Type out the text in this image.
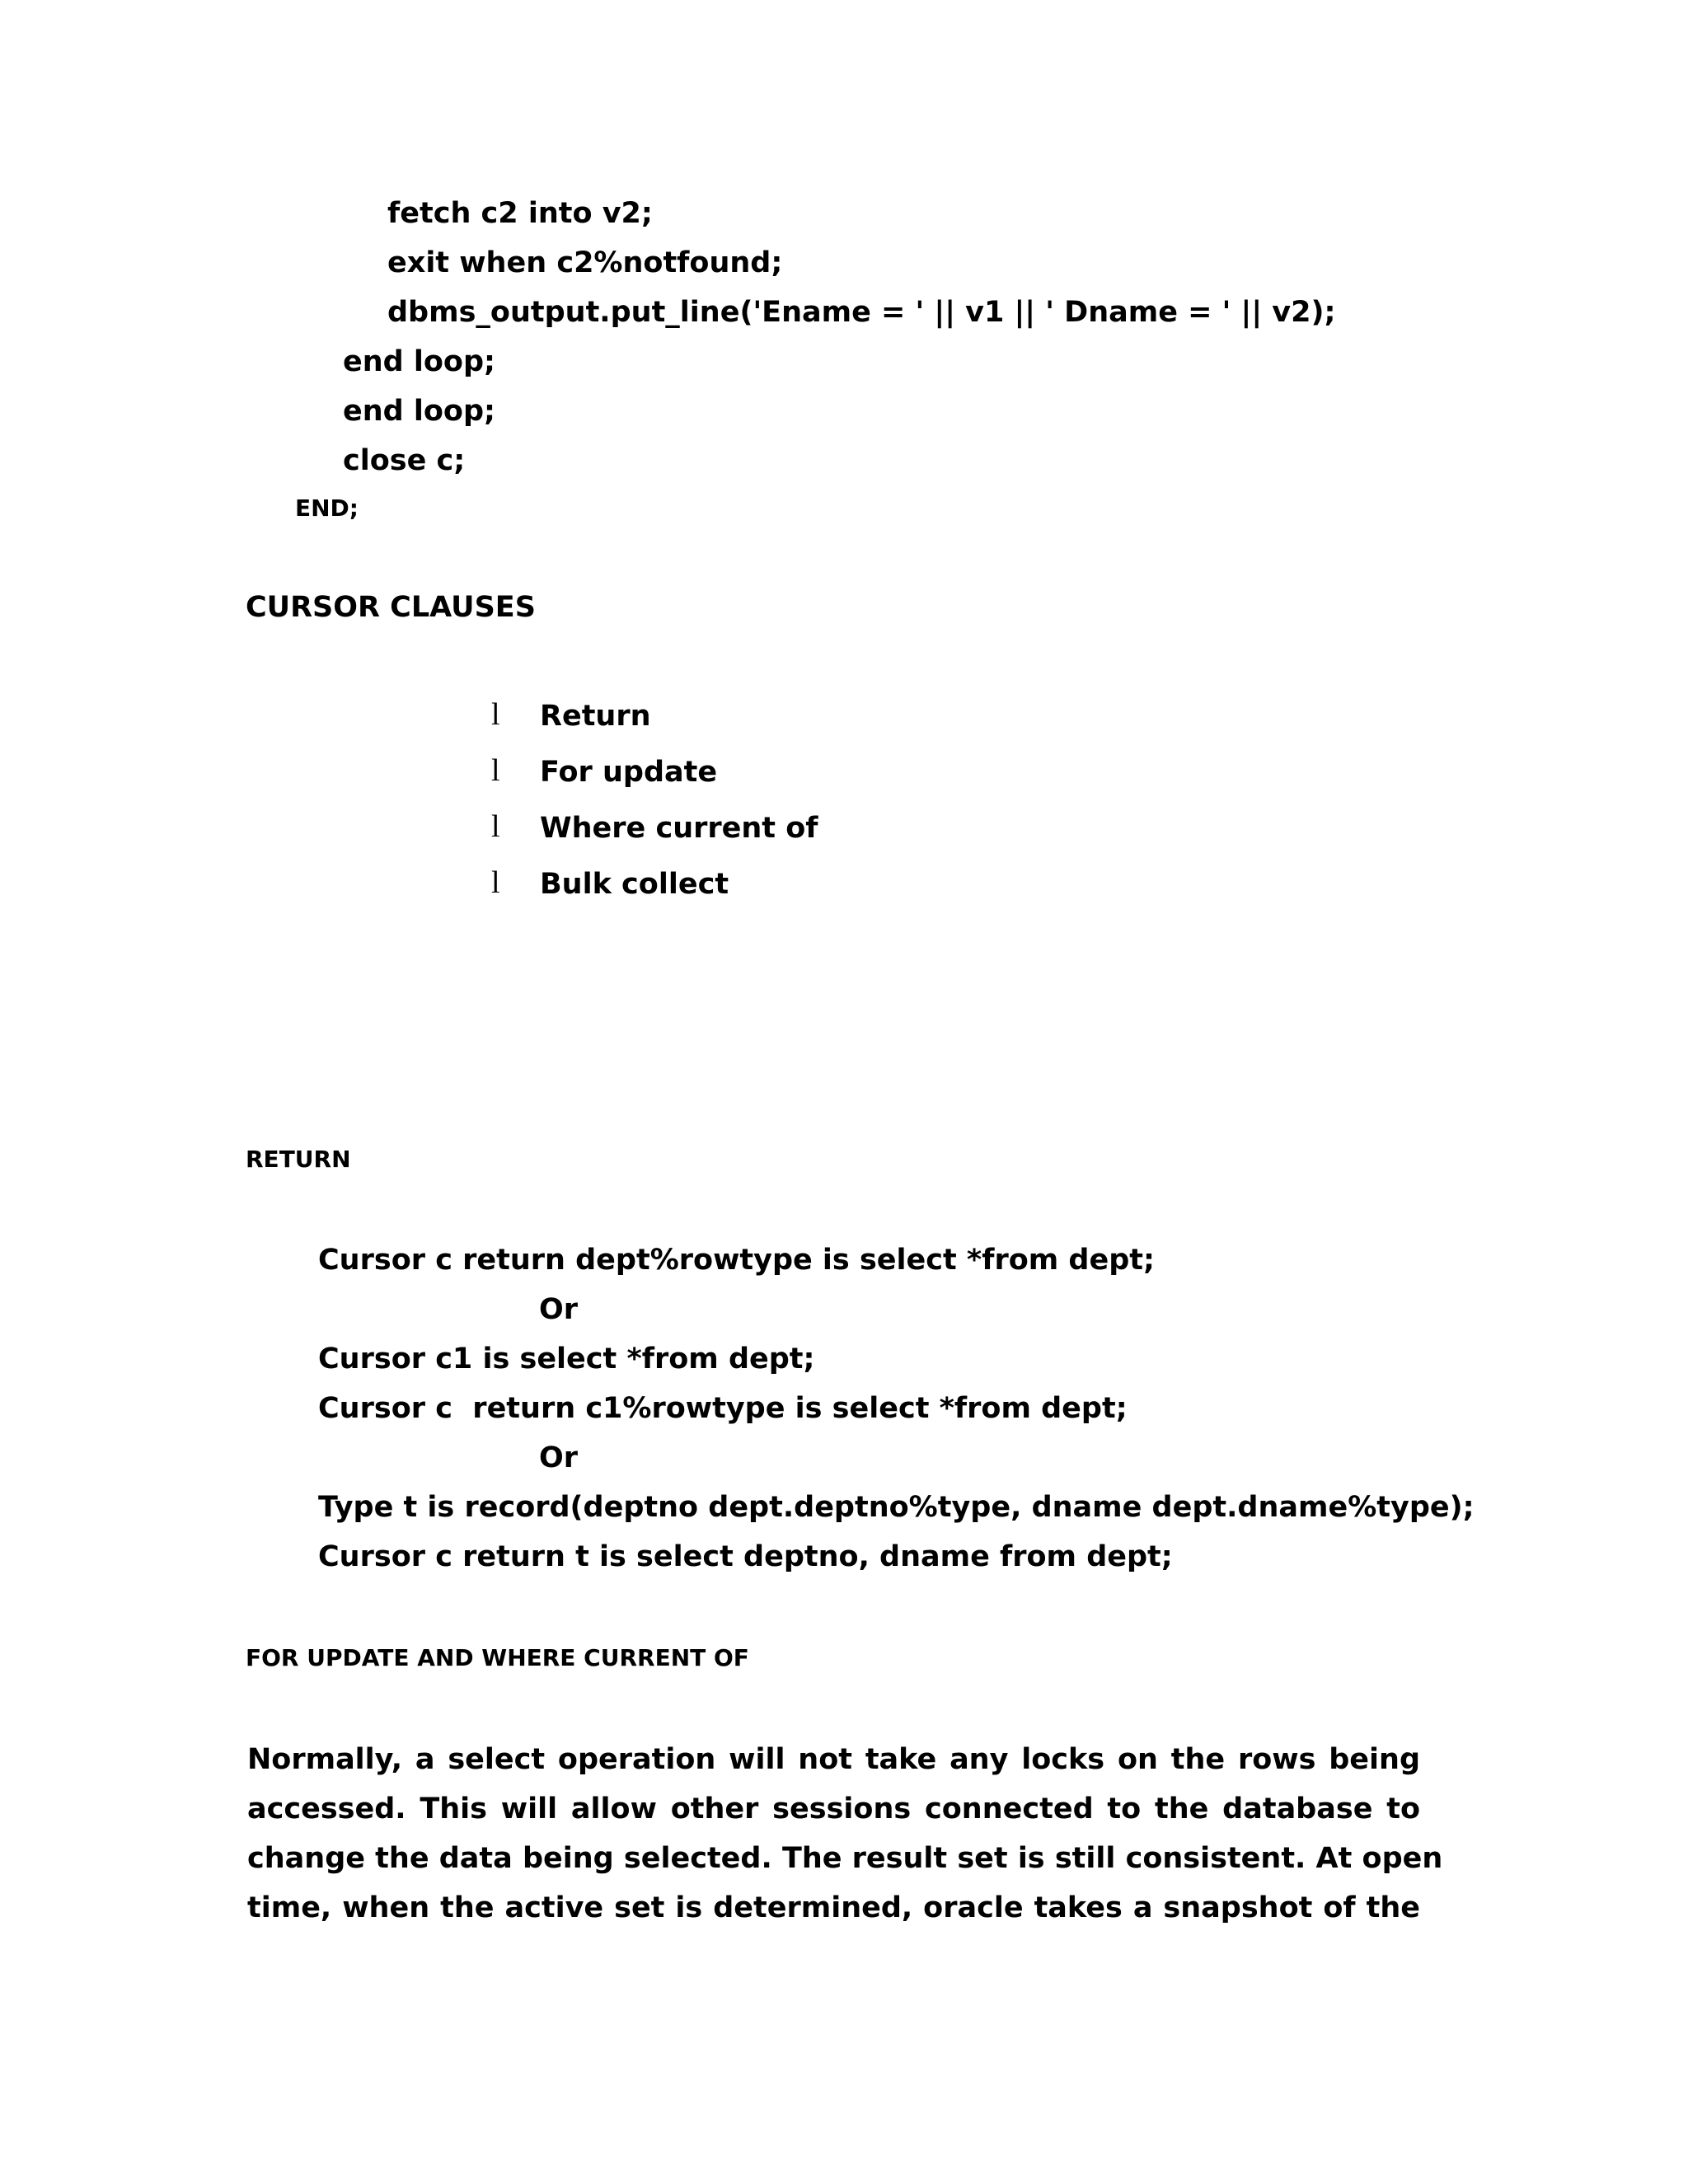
fetch c2 into v2;
exit when c2%notfound;
dbms_output.put_line('Ename = ' || v1 || ' Dname = ' || v2);
end loop;
end loop;
close c;
END;
CURSOR CLAUSES
l Return
l For update
l Where current of
l Bulk collect
RETURN
Cursor c return dept%rowtype is select *from dept;
Or
Cursor c1 is select *from dept;
Cursor c  return c1%rowtype is select *from dept;
Or
Type t is record(deptno dept.deptno%type, dname dept.dname%type);
Cursor c return t is select deptno, dname from dept;
FOR UPDATE AND WHERE CURRENT OF
Normally, a select operation will not take any locks on the rows being
accessed. This will allow other sessions connected to the database to
change the data being selected. The result set is still consistent. At open
time, when the active set is determined, oracle takes a snapshot of the
